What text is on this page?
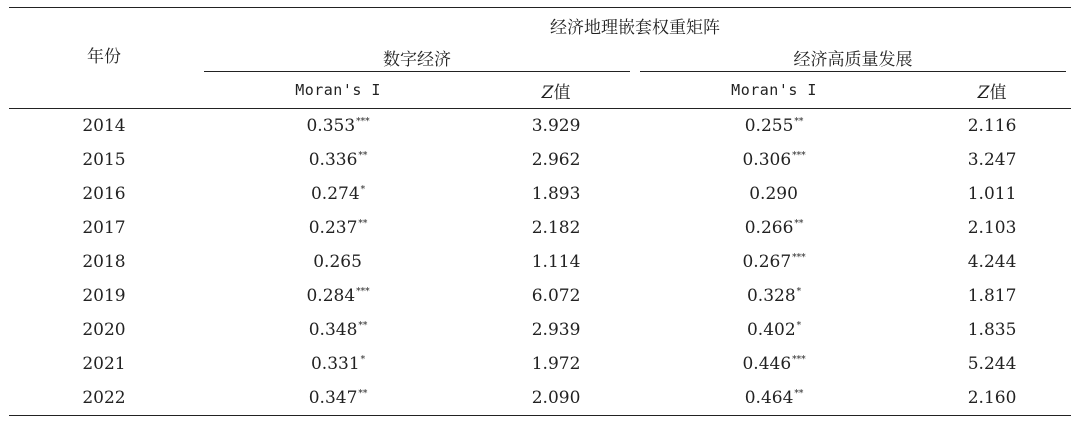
年份	经济地理嵌套权重矩阵			
	数字经济		经济高质量发展	
	Moran's I	Z值	Moran's I	Z值
2014	0.353***	3.929	0.255**	2.116
2015	0.336**	2.962	0.306***	3.247
2016	0.274*	1.893	0.290	1.011
2017	0.237**	2.182	0.266**	2.103
2018	0.265	1.114	0.267***	4.244
2019	0.284***	6.072	0.328*	1.817
2020	0.348**	2.939	0.402*	1.835
2021	0.331*	1.972	0.446***	5.244
2022	0.347**	2.090	0.464**	2.160
